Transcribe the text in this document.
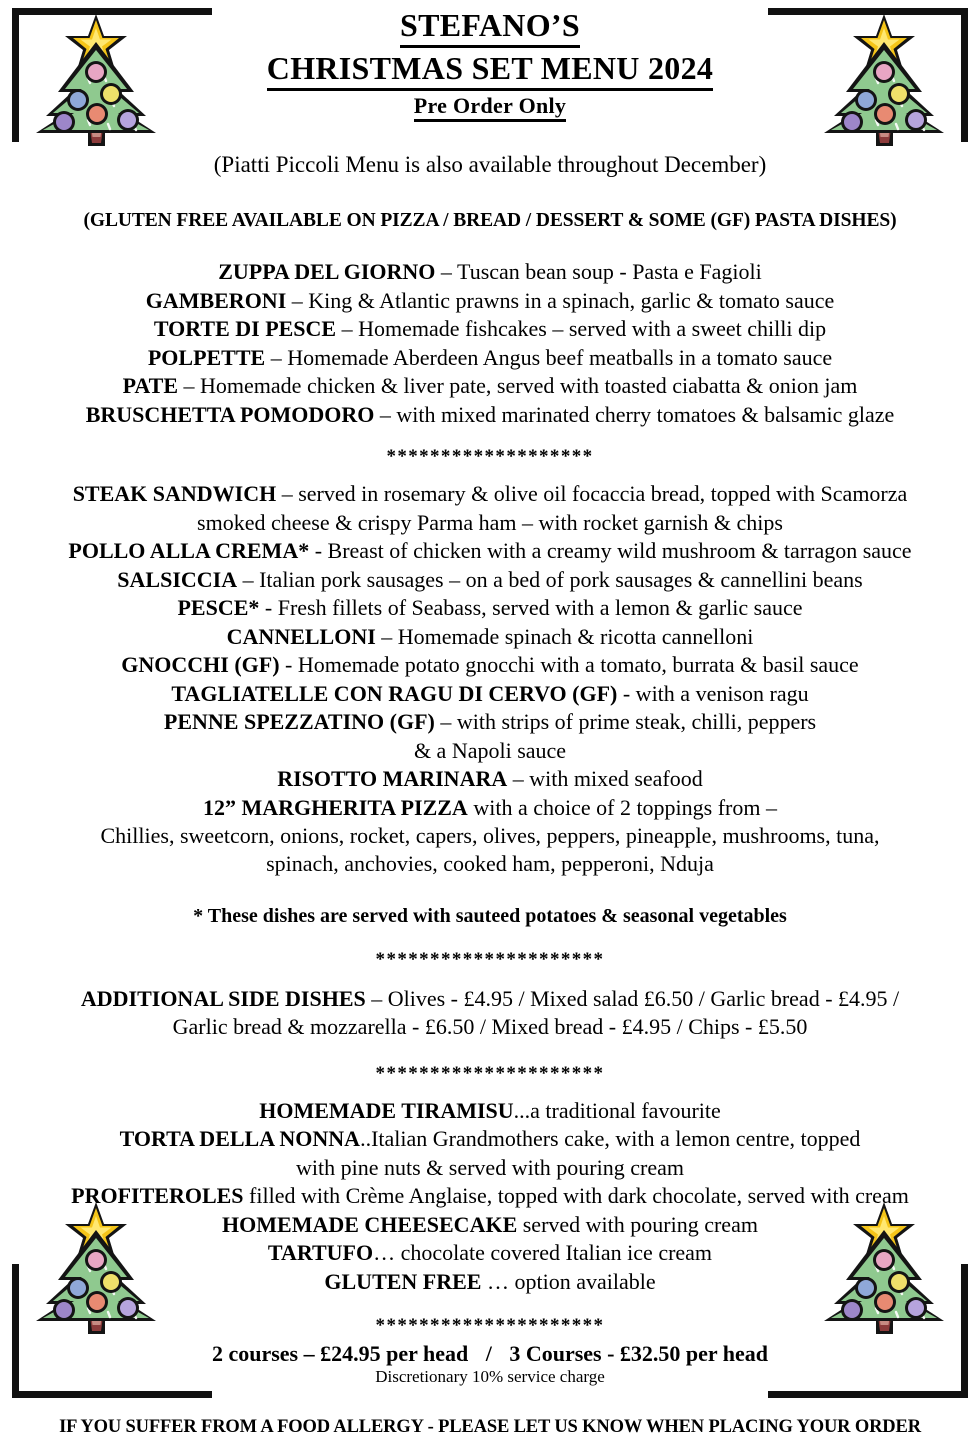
STEFANO’S
CHRISTMAS SET MENU 2024
Pre Order Only
(Piatti Piccoli Menu is also available throughout December)
(GLUTEN FREE AVAILABLE ON PIZZA / BREAD / DESSERT & SOME (GF) PASTA DISHES)
ZUPPA DEL GIORNO – Tuscan bean soup - Pasta e Fagioli
GAMBERONI – King & Atlantic prawns in a spinach, garlic & tomato sauce
TORTE DI PESCE – Homemade fishcakes – served with a sweet chilli dip
POLPETTE – Homemade Aberdeen Angus beef meatballs in a tomato sauce
PATE – Homemade chicken & liver pate, served with toasted ciabatta & onion jam
BRUSCHETTA POMODORO – with mixed marinated cherry tomatoes & balsamic glaze
*******************
STEAK SANDWICH – served in rosemary & olive oil focaccia bread, topped with Scamorza
smoked cheese & crispy Parma ham – with rocket garnish & chips
POLLO ALLA CREMA* - Breast of chicken with a creamy wild mushroom & tarragon sauce
SALSICCIA – Italian pork sausages – on a bed of pork sausages & cannellini beans
PESCE* - Fresh fillets of Seabass, served with a lemon & garlic sauce
CANNELLONI – Homemade spinach & ricotta cannelloni
GNOCCHI (GF) - Homemade potato gnocchi with a tomato, burrata & basil sauce
TAGLIATELLE CON RAGU DI CERVO (GF) - with a venison ragu
PENNE SPEZZATINO (GF) – with strips of prime steak, chilli, peppers
& a Napoli sauce
RISOTTO MARINARA – with mixed seafood
12” MARGHERITA PIZZA with a choice of 2 toppings from –
Chillies, sweetcorn, onions, rocket, capers, olives, peppers, pineapple, mushrooms, tuna,
spinach, anchovies, cooked ham, pepperoni, Nduja
* These dishes are served with sauteed potatoes & seasonal vegetables
*********************
ADDITIONAL SIDE DISHES – Olives - £4.95 / Mixed salad £6.50 / Garlic bread - £4.95 /
Garlic bread & mozzarella - £6.50 / Mixed bread - £4.95 / Chips - £5.50
*********************
HOMEMADE TIRAMISU...a traditional favourite
TORTA DELLA NONNA..Italian Grandmothers cake, with a lemon centre, topped
with pine nuts & served with pouring cream
PROFITEROLES filled with Crème Anglaise, topped with dark chocolate, served with cream
HOMEMADE CHEESECAKE served with pouring cream
TARTUFO… chocolate covered Italian ice cream
GLUTEN FREE … option available
*********************
2 courses – £24.95 per head / 3 Courses - £32.50 per head
Discretionary 10% service charge
IF YOU SUFFER FROM A FOOD ALLERGY - PLEASE LET US KNOW WHEN PLACING YOUR ORDER
